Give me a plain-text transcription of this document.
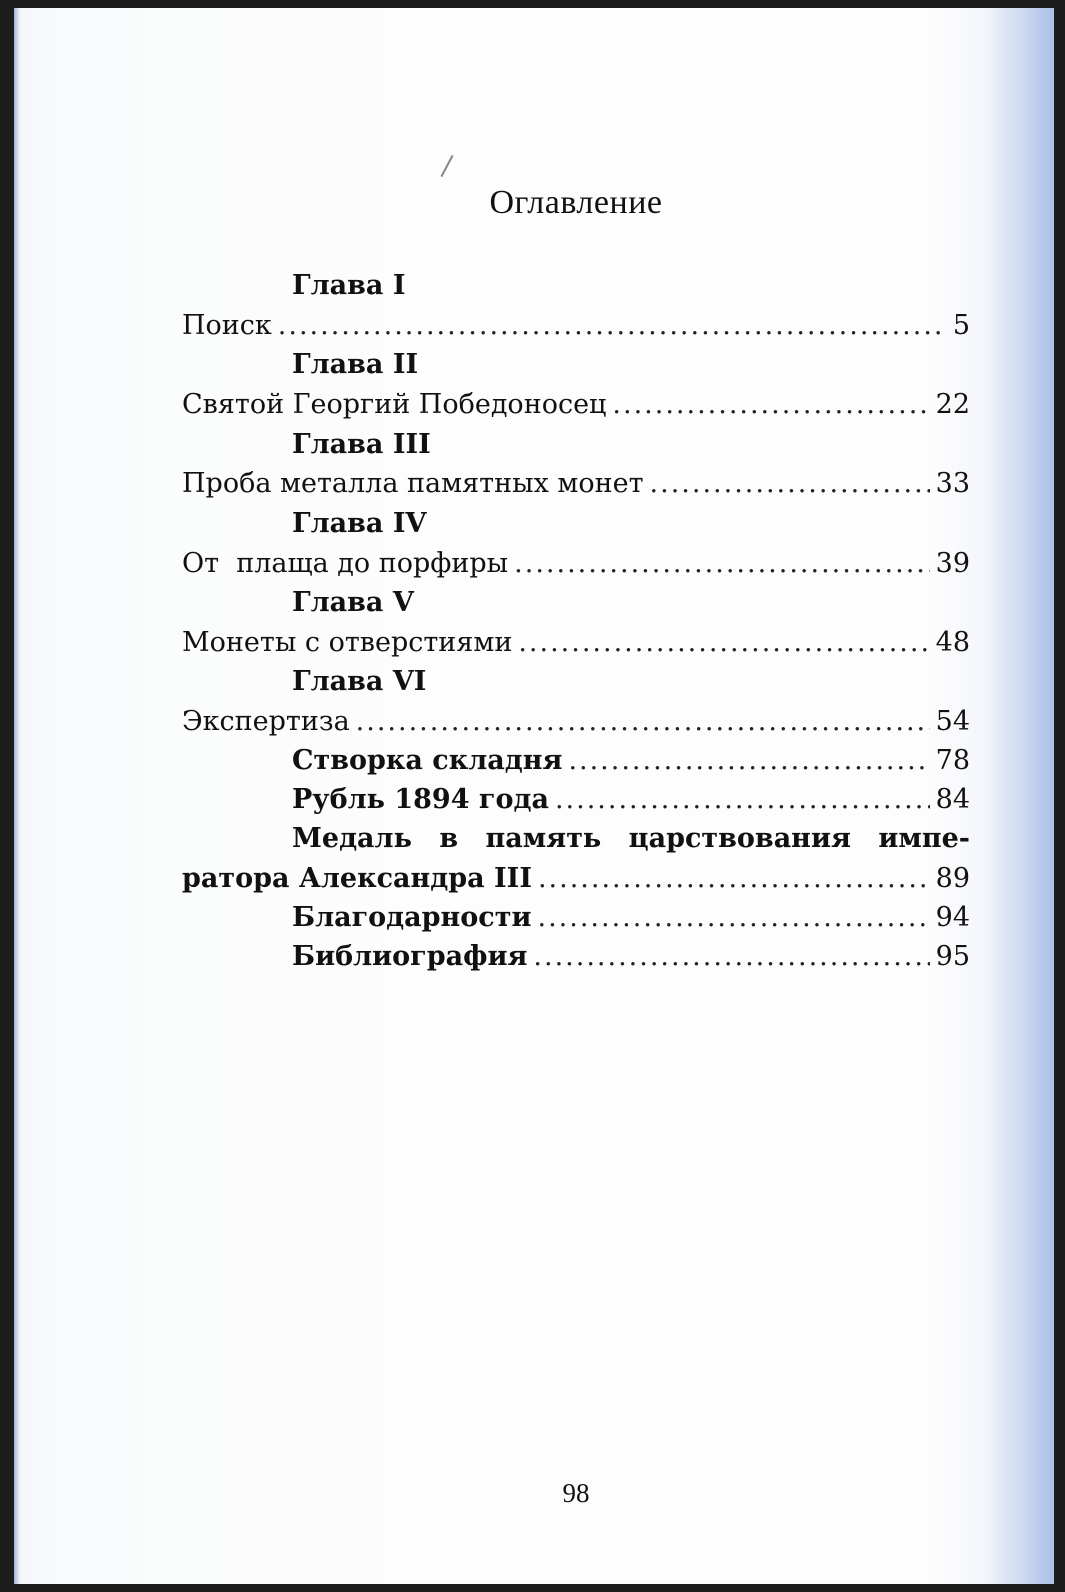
Оглавление
Глава I
Поиск .....	5
Глава II
Святой Георгий Победоносец .....	22
Глава III
Проба металла памятных монет .....	33
Глава IV
От  плаща до порфиры .....	39
Глава V
Монеты с отверстиями .....	48
Глава VI
Экспертиза .....	54
Створка складня .....	78
Рубль 1894 года .....	84
Медаль в память царствования импе-
ратора Александра III .....	89
Благодарности .....	94
Библиография .....	95
98
